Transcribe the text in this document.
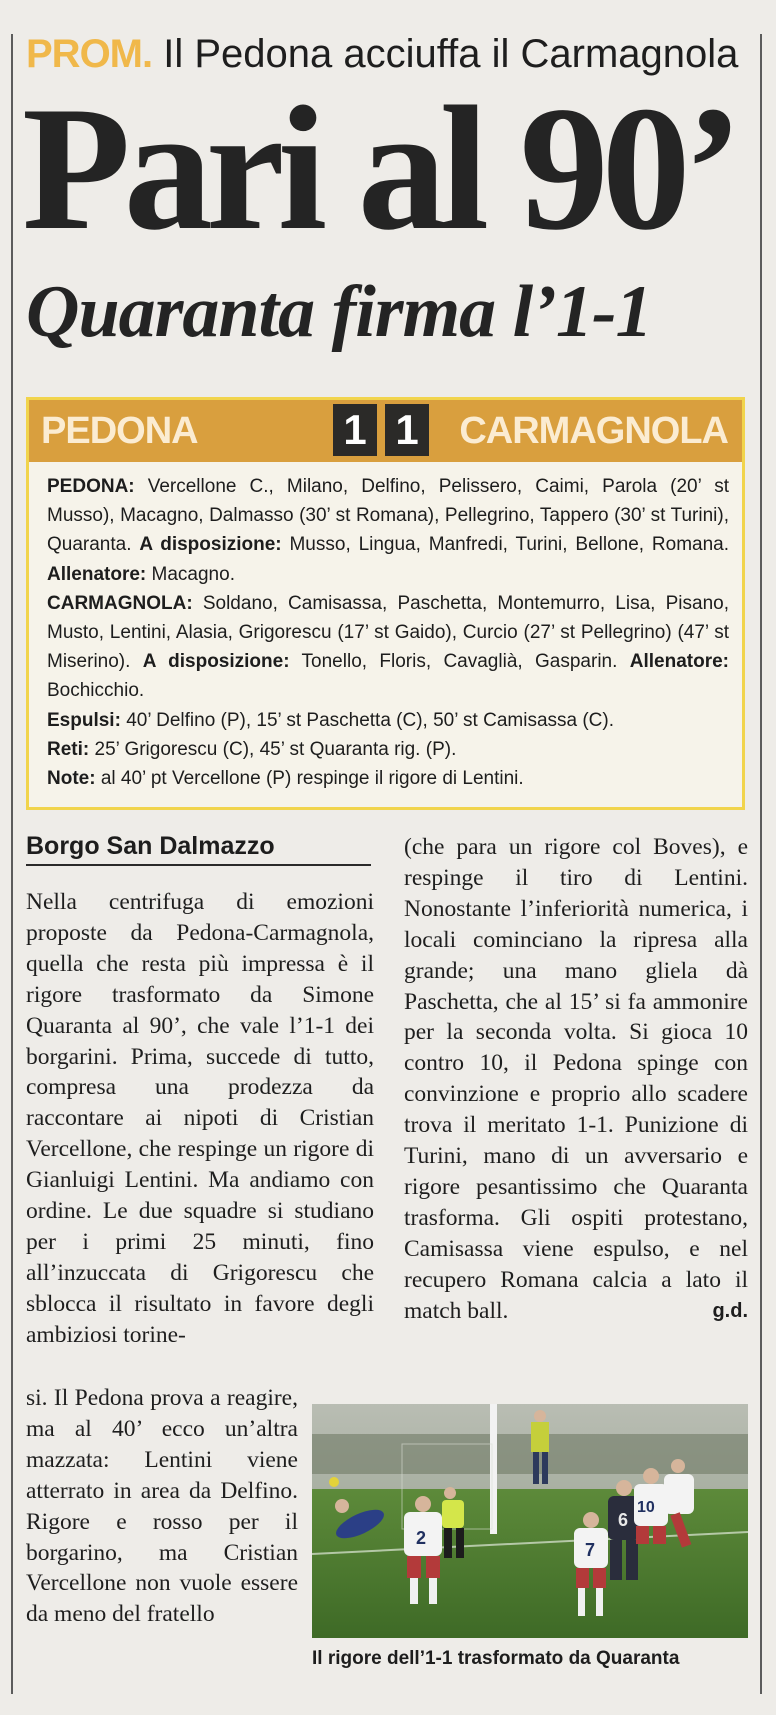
PROM. Il Pedona acciuffa il Carmagnola
Pari al 90’
Quaranta firma l’1-1
PEDONA	1 1 CARMAGNOLA

PEDONA: Vercellone C., Milano, Delfino, Pelissero, Caimi, Parola (20’ st Musso), Macagno, Dalmasso (30’ st Romana), Pellegrino, Tappero (30’ st Turini), Quaranta. A disposizione: Musso, Lingua, Manfredi, Turini, Bellone, Romana. Allenatore: Macagno.

CARMAGNOLA: Soldano, Camisassa, Paschetta, Montemurro, Lisa, Pisano, Musto, Lentini, Alasia, Grigorescu (17’ st Gaido), Curcio (27’ st Pellegrino) (47’ st Miserino). A disposizione: Tonello, Floris, Cavaglià, Gasparin. Allenatore: Bochicchio.

Espulsi: 40’ Delfino (P), 15’ st Paschetta (C), 50’ st Camisassa (C).

Reti: 25’ Grigorescu (C), 45’ st Quaranta rig. (P).

Note: al 40’ pt Vercellone (P) respinge il rigore di Lentini.

Borgo San Dalmazzo

Nella centrifuga di emozioni proposte da Pedona-Carmagnola, quella che resta più impressa è il rigore trasformato da Simone Quaranta al 90’, che vale l’1-1 dei borgarini. Prima, succede di tutto, compresa una prodezza da raccontare ai nipoti di Cristian Vercellone, che respinge un rigore di Gianluigi Lentini. Ma andiamo con ordine. Le due squadre si studiano per i primi 25 minuti, fino all’inzuccata di Grigorescu che sblocca il risultato in favore degli ambiziosi torine-

si. Il Pedona prova a reagire, ma al 40’ ecco un’altra mazzata: Lentini viene atterrato in area da Delfino. Rigore e rosso per il borgarino, ma Cristian Vercellone non vuole essere da meno del fratello

(che para un rigore col Boves), e respinge il tiro di Lentini. Nonostante l’inferiorità numerica, i locali cominciano la ripresa alla grande; una mano gliela dà Paschetta, che al 15’ si fa ammonire per la seconda volta. Si gioca 10 contro 10, il Pedona spinge con convinzione e proprio allo scadere trova il meritato 1-1. Punizione di Turini, mano di un avversario e rigore pesantissimo che Quaranta trasforma. Gli ospiti protestano, Camisassa viene espulso, e nel recupero Romana calcia a lato il match ball.	g.d.

2
7
6
10
Il rigore dell’1-1 trasformato da Quaranta
